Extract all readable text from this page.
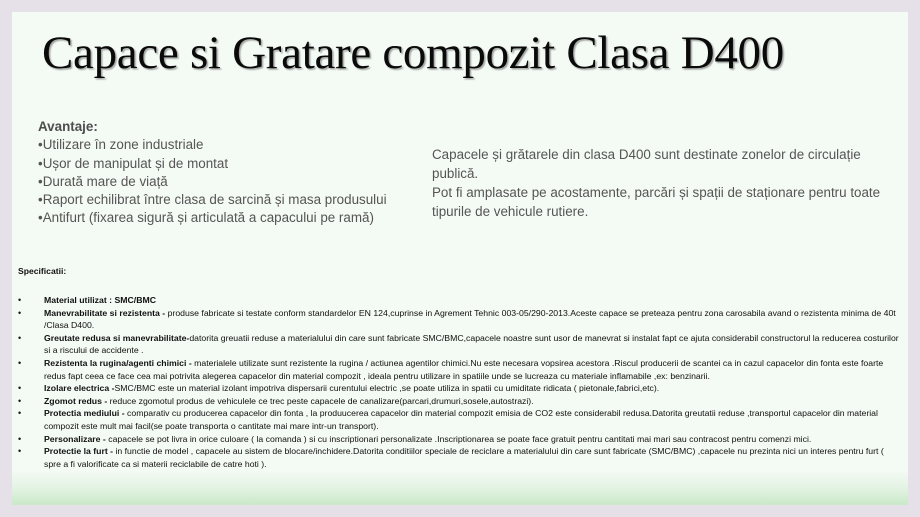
Capace si Gratare compozit Clasa D400
Avantaje:
•Utilizare în zone industriale
•Ușor de manipulat și de montat
•Durată mare de viață
•Raport echilibrat între clasa de sarcină și masa produsului
•Antifurt (fixarea sigură și articulată a capacului pe ramă)

Capacele și grătarele din clasa D400 sunt destinate zonelor de circulație publică.

Pot fi amplasate pe acostamente, parcări și spații de staționare pentru toate tipurile de vehicule rutiere.

Specificatii:
•	Material utilizat : SMC/BMC
•	Manevrabilitate si rezistenta - produse fabricate si testate conform standardelor EN 124,cuprinse in Agrement Tehnic 003-05/290-2013.Aceste capace se preteaza pentru zona carosabila avand o rezistenta minima de 40t /Clasa D400.
•	Greutate redusa si manevrabilitate-datorita greuatii reduse a materialului din care sunt fabricate SMC/BMC,capacele noastre sunt usor de manevrat si instalat fapt ce ajuta considerabil constructorul la reducerea costurilor si a riscului de accidente .
•	Rezistenta la rugina/agenti chimici - materialele utilizate sunt rezistente la rugina / actiunea agentilor chimici.Nu este necesara vopsirea acestora .Riscul producerii de scantei ca in cazul capacelor din fonta este foarte redus fapt ceea ce face cea mai potrivita alegerea capacelor din material compozit , ideala pentru utilizare in spatiile unde se lucreaza cu materiale inflamabile ,ex: benzinarii.
•	Izolare electrica -SMC/BMC este un material izolant impotriva dispersarii curentului electric ,se poate utiliza in spatii cu umiditate ridicata ( pietonale,fabrici,etc).
•	Zgomot redus - reduce zgomotul produs de vehiculele ce trec peste capacele de canalizare(parcari,drumuri,sosele,autostrazi).
•	Protectia mediului - comparativ cu producerea capacelor din fonta , la produucerea capacelor din material compozit emisia de CO2 este considerabil redusa.Datorita greutatii reduse ,transportul capacelor din material compozit este mult mai facil(se poate transporta o cantitate mai mare intr-un transport).
•	Personalizare - capacele se pot livra in orice culoare ( la comanda ) si cu inscriptionari personalizate .Inscriptionarea se poate face gratuit pentru cantitati mai mari sau contracost pentru comenzi mici.
•	Protectie la furt - in functie de model , capacele au sistem de blocare/inchidere.Datorita conditiilor speciale de reciclare a materialului din care sunt fabricate (SMC/BMC) ,capacele nu prezinta nici un interes pentru furt ( spre a fi valorificate ca si materii reciclabile de catre hoti ).
